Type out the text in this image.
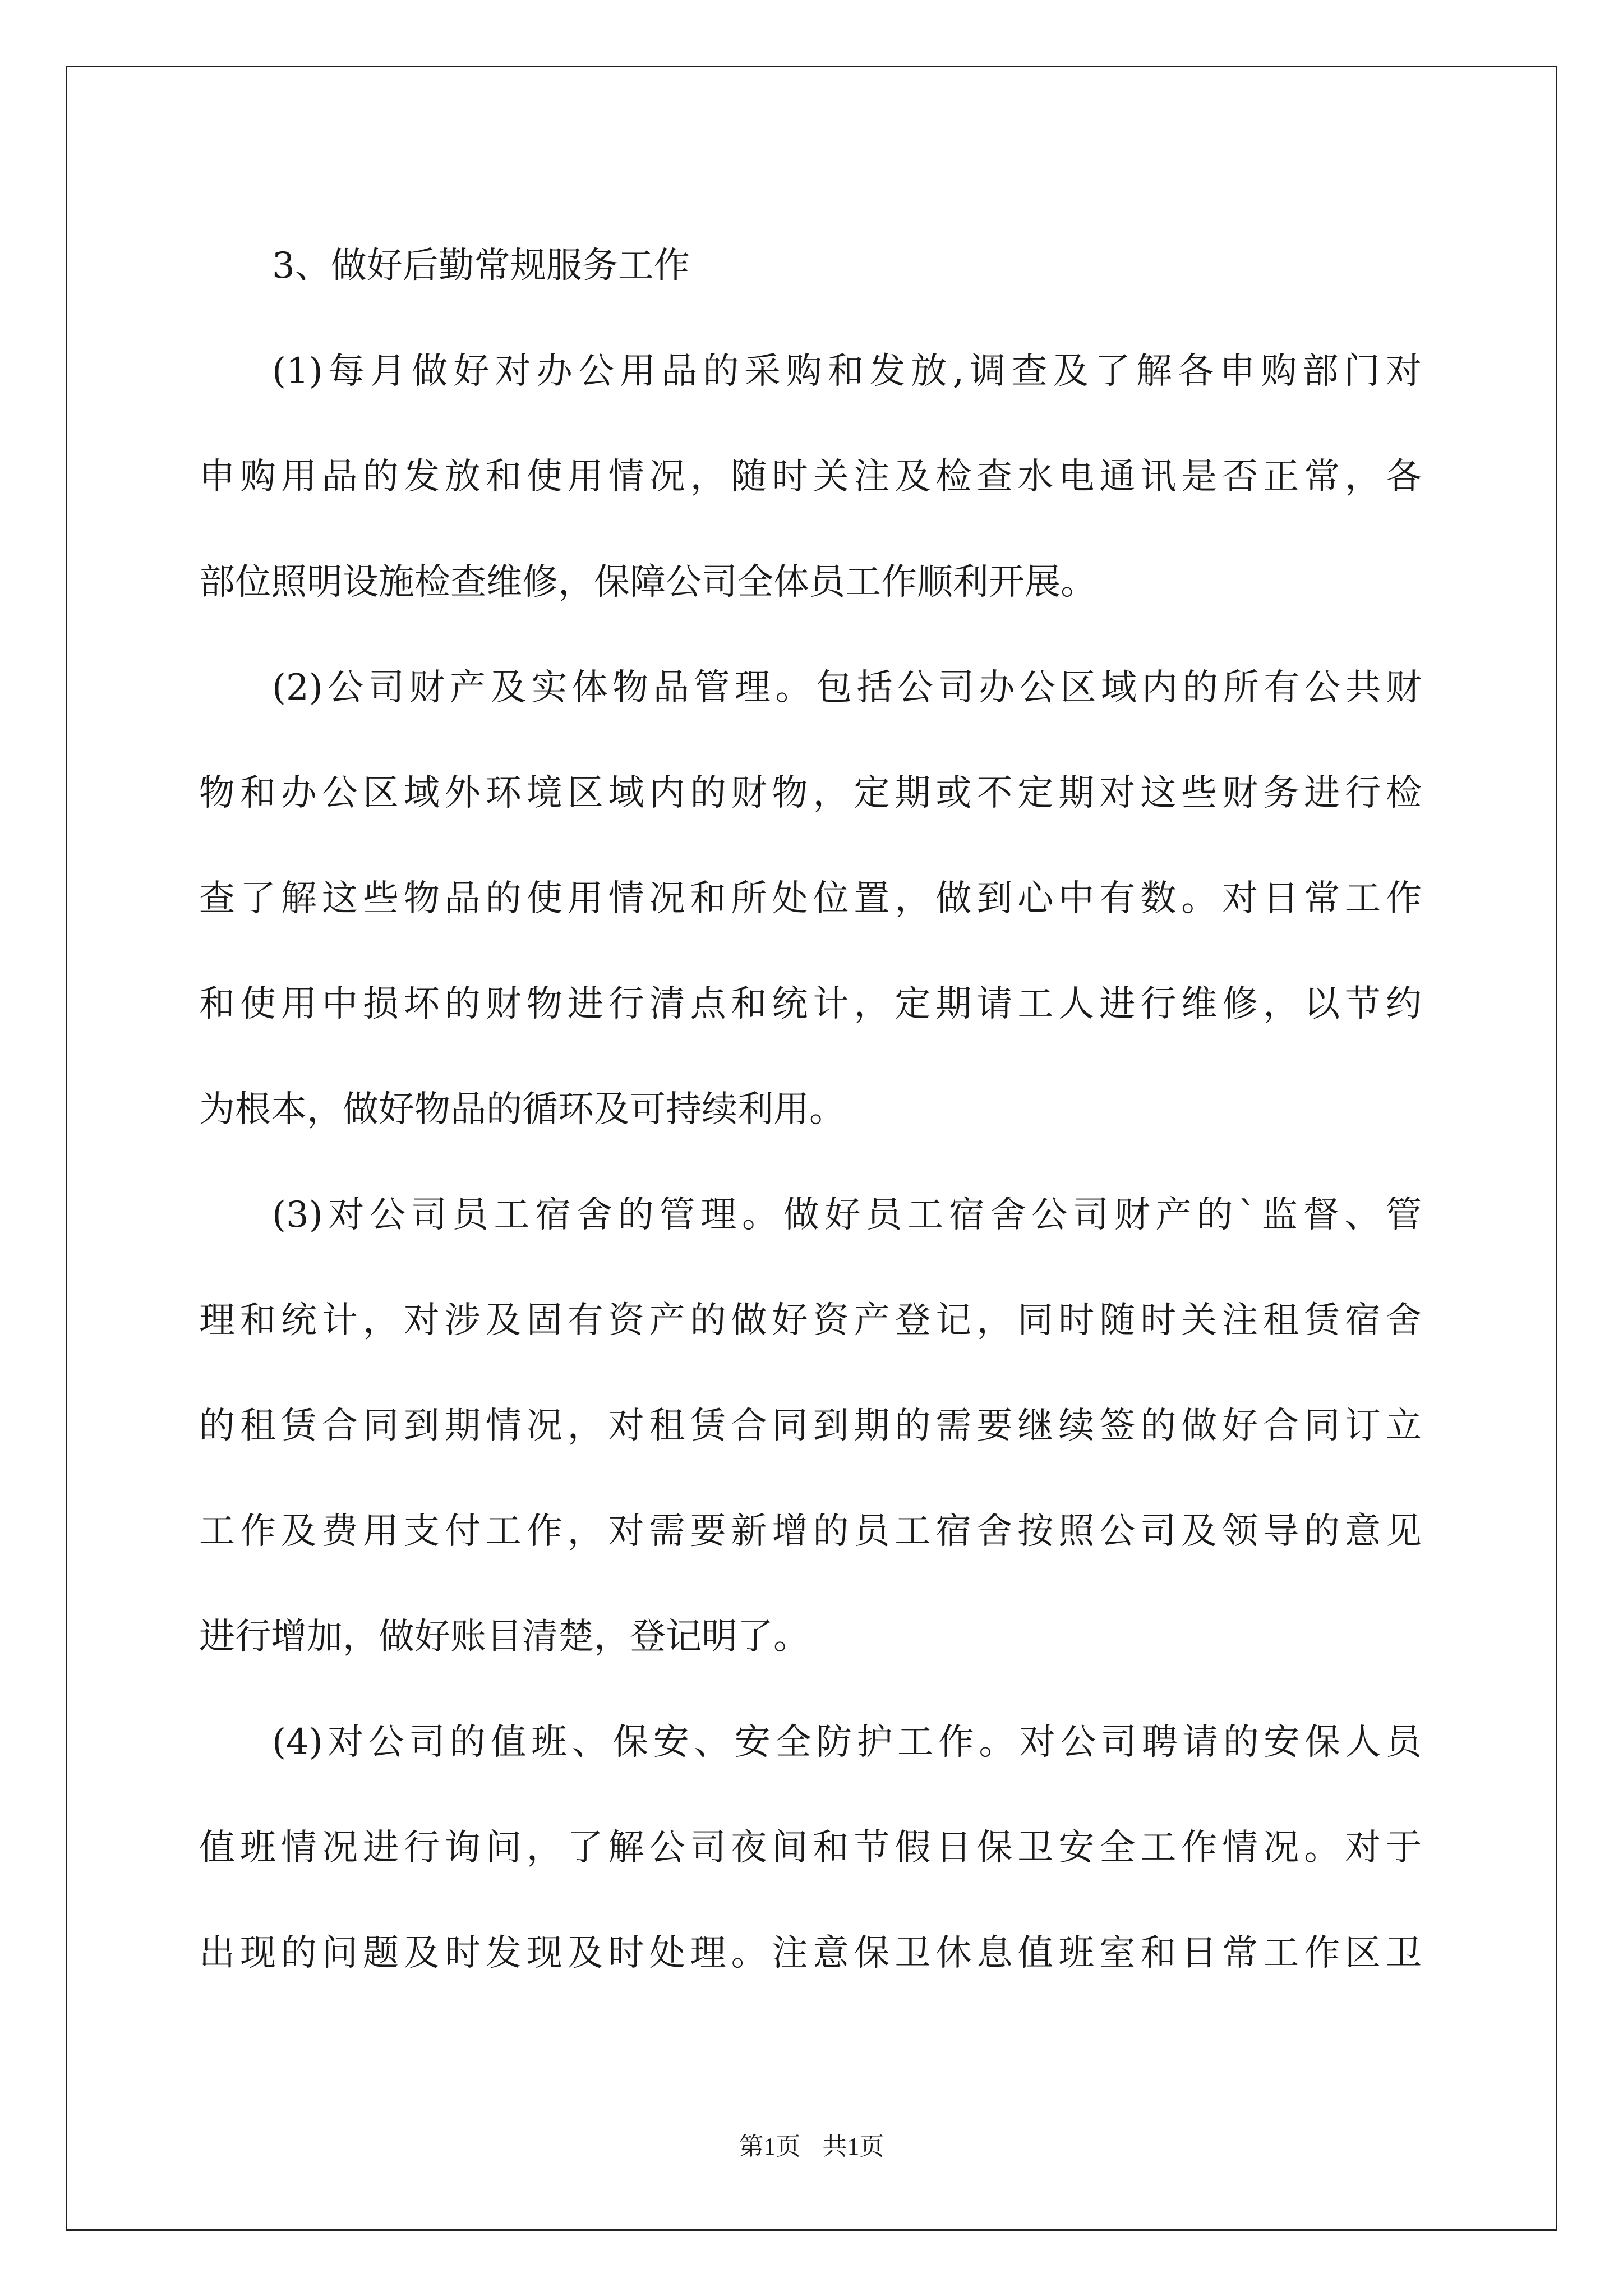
3、做好后勤常规服务工作
(1)每月做好对办公用品的采购和发放,调查及了解各申购部门对
申购用品的发放和使用情况，随时关注及检查水电通讯是否正常，各
部位照明设施检查维修，保障公司全体员工作顺利开展。
(2)公司财产及实体物品管理。包括公司办公区域内的所有公共财
物和办公区域外环境区域内的财物，定期或不定期对这些财务进行检
查了解这些物品的使用情况和所处位置，做到心中有数。对日常工作
和使用中损坏的财物进行清点和统计，定期请工人进行维修，以节约
为根本，做好物品的循环及可持续利用。
(3)对公司员工宿舍的管理。做好员工宿舍公司财产的`监督、管
理和统计，对涉及固有资产的做好资产登记，同时随时关注租赁宿舍
的租赁合同到期情况，对租赁合同到期的需要继续签的做好合同订立
工作及费用支付工作，对需要新增的员工宿舍按照公司及领导的意见
进行增加，做好账目清楚，登记明了。
(4)对公司的值班、保安、安全防护工作。对公司聘请的安保人员
值班情况进行询问，了解公司夜间和节假日保卫安全工作情况。对于
出现的问题及时发现及时处理。注意保卫休息值班室和日常工作区卫
第1页 共1页
